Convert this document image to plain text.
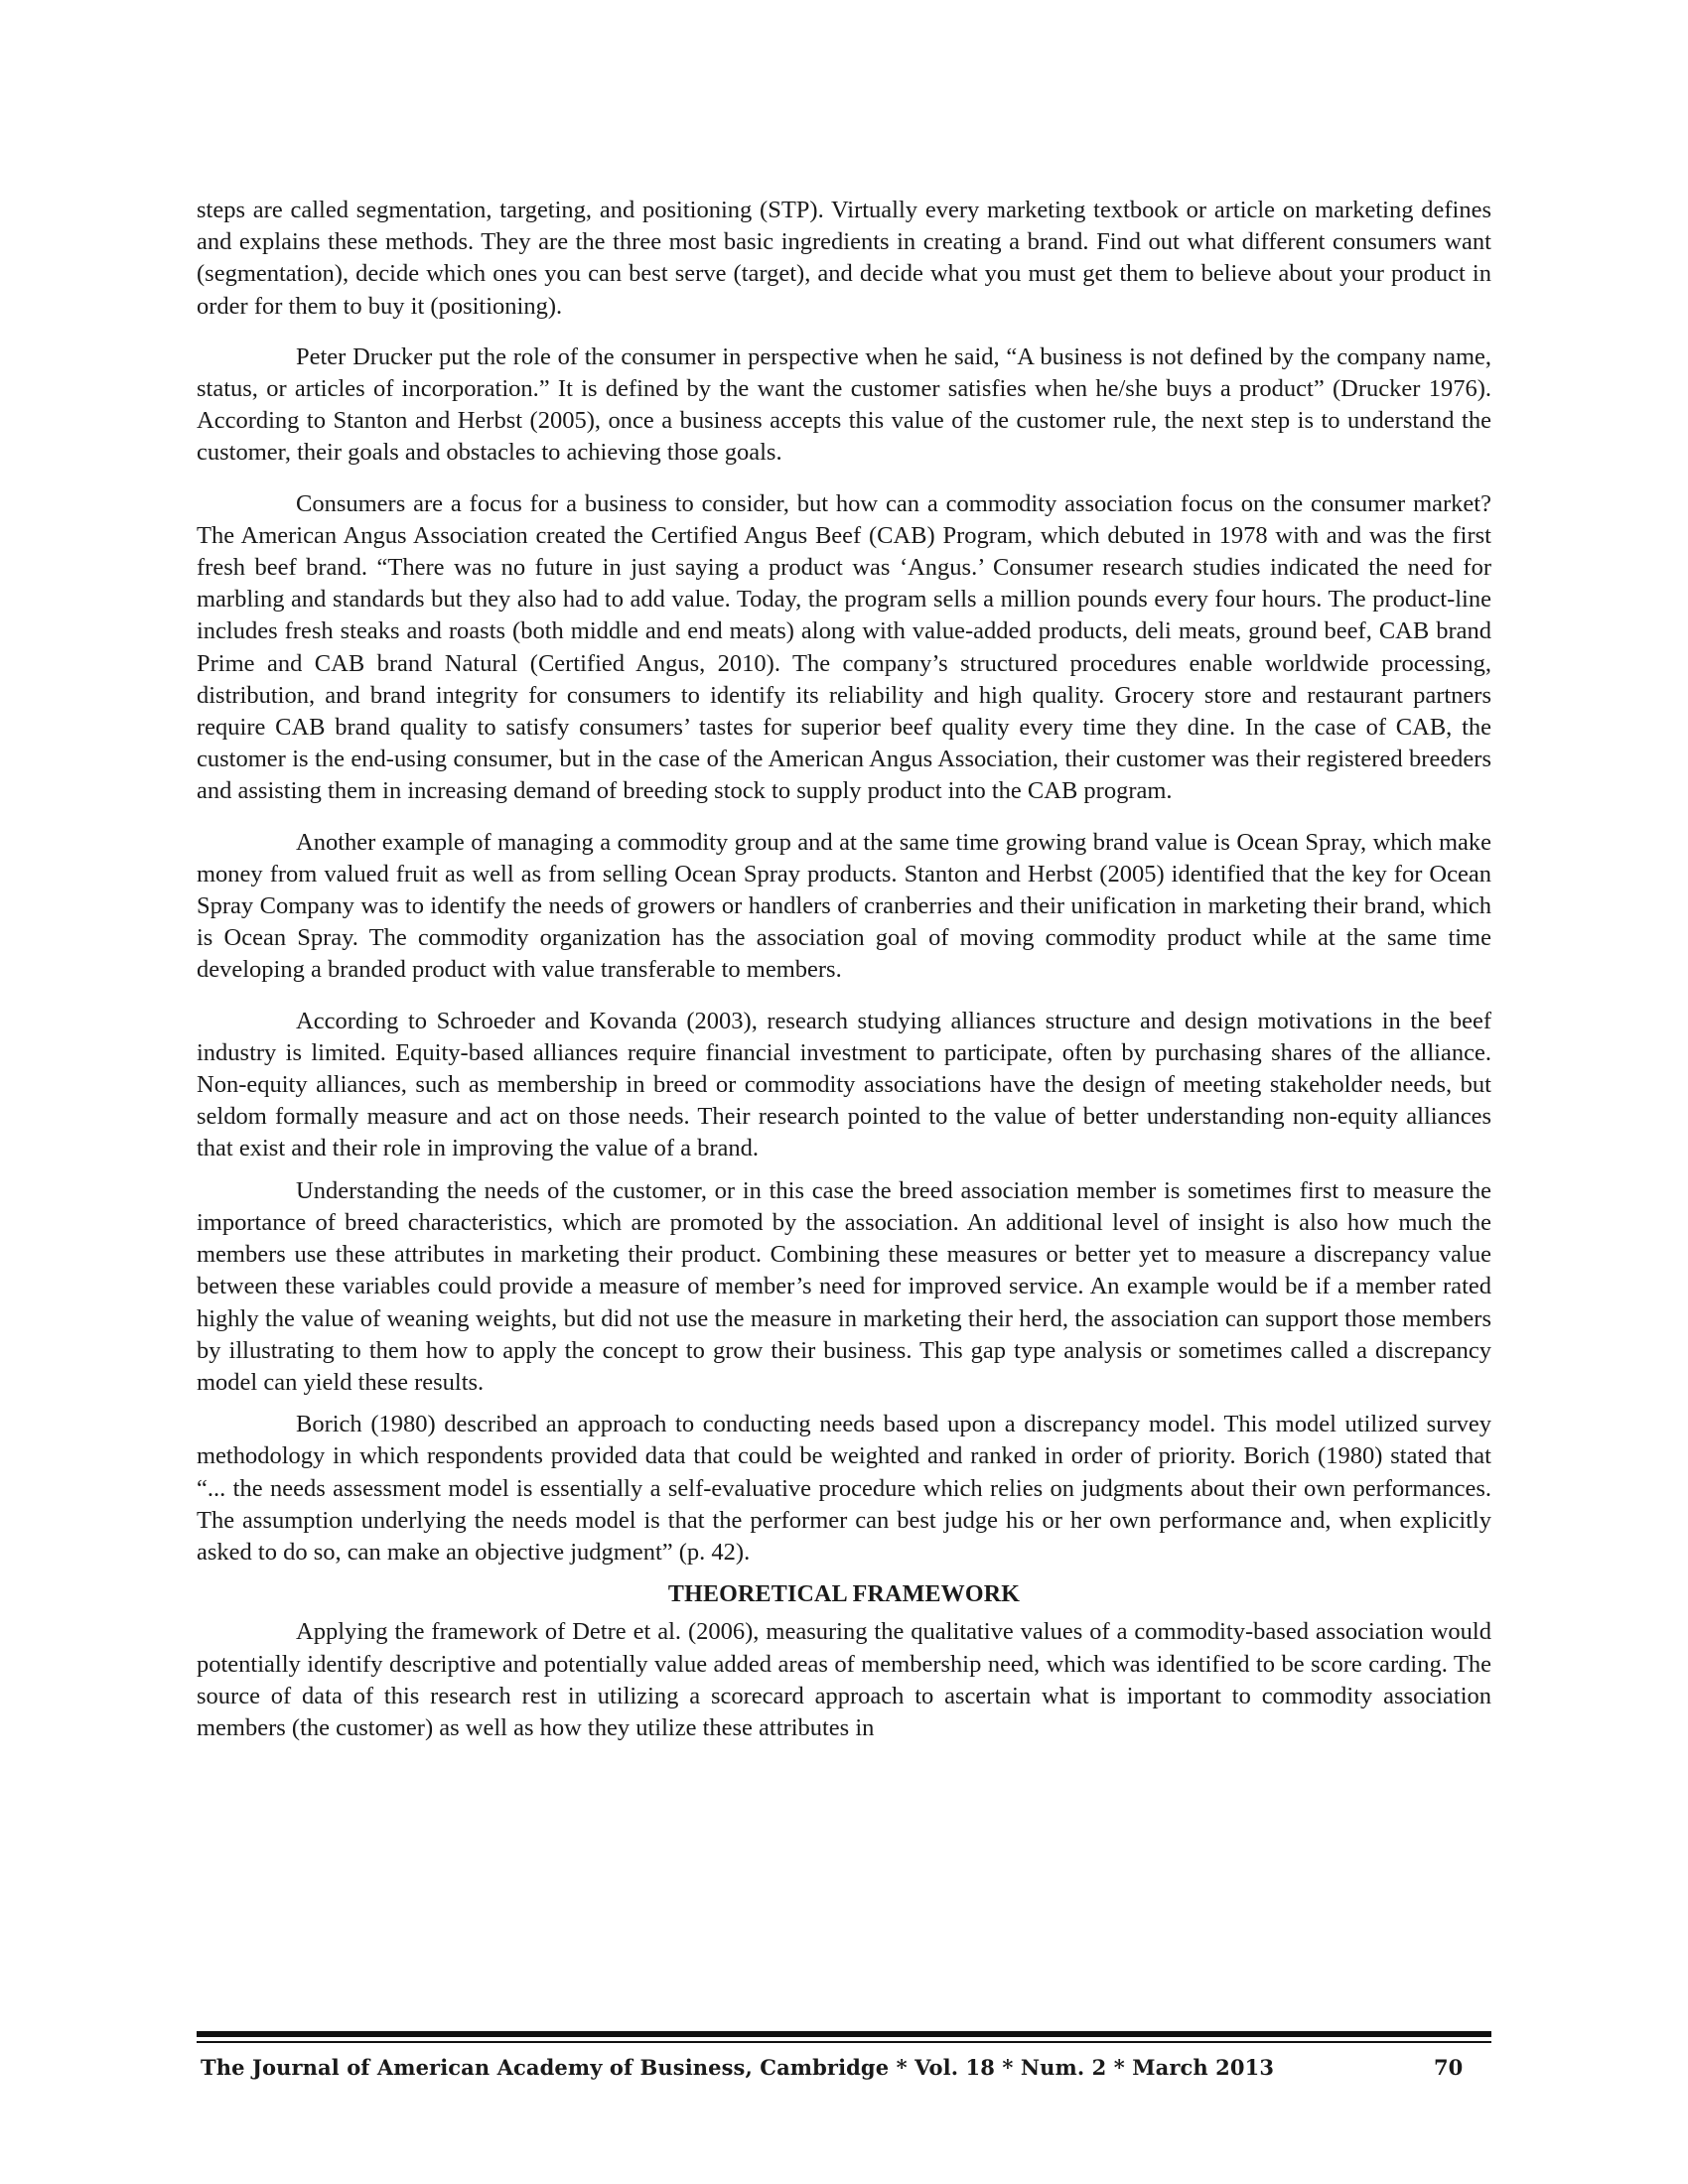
steps are called segmentation, targeting, and positioning (STP). Virtually every marketing textbook or article on marketing defines and explains these methods. They are the three most basic ingredients in creating a brand. Find out what different consumers want (segmentation), decide which ones you can best serve (target), and decide what you must get them to believe about your product in order for them to buy it (positioning).

Peter Drucker put the role of the consumer in perspective when he said, “A business is not defined by the company name, status, or articles of incorporation.” It is defined by the want the customer satisfies when he/she buys a product” (Drucker 1976). According to Stanton and Herbst (2005), once a business accepts this value of the customer rule, the next step is to understand the customer, their goals and obstacles to achieving those goals.

Consumers are a focus for a business to consider, but how can a commodity association focus on the consumer market? The American Angus Association created the Certified Angus Beef (CAB) Program, which debuted in 1978 with and was the first fresh beef brand. “There was no future in just saying a product was ‘Angus.’ Consumer research studies indicated the need for marbling and standards but they also had to add value. Today, the program sells a million pounds every four hours. The product-line includes fresh steaks and roasts (both middle and end meats) along with value-added products, deli meats, ground beef, CAB brand Prime and CAB brand Natural (Certified Angus, 2010). The company’s structured procedures enable worldwide processing, distribution, and brand integrity for consumers to identify its reliability and high quality. Grocery store and restaurant partners require CAB brand quality to satisfy consumers’ tastes for superior beef quality every time they dine. In the case of CAB, the customer is the end-using consumer, but in the case of the American Angus Association, their customer was their registered breeders and assisting them in increasing demand of breeding stock to supply product into the CAB program.

Another example of managing a commodity group and at the same time growing brand value is Ocean Spray, which make money from valued fruit as well as from selling Ocean Spray products. Stanton and Herbst (2005) identified that the key for Ocean Spray Company was to identify the needs of growers or handlers of cranberries and their unification in marketing their brand, which is Ocean Spray. The commodity organization has the association goal of moving commodity product while at the same time developing a branded product with value transferable to members.

According to Schroeder and Kovanda (2003), research studying alliances structure and design motivations in the beef industry is limited. Equity-based alliances require financial investment to participate, often by purchasing shares of the alliance. Non-equity alliances, such as membership in breed or commodity associations have the design of meeting stakeholder needs, but seldom formally measure and act on those needs. Their research pointed to the value of better understanding non-equity alliances that exist and their role in improving the value of a brand.

Understanding the needs of the customer, or in this case the breed association member is sometimes first to measure the importance of breed characteristics, which are promoted by the association. An additional level of insight is also how much the members use these attributes in marketing their product. Combining these measures or better yet to measure a discrepancy value between these variables could provide a measure of member’s need for improved service. An example would be if a member rated highly the value of weaning weights, but did not use the measure in marketing their herd, the association can support those members by illustrating to them how to apply the concept to grow their business. This gap type analysis or sometimes called a discrepancy model can yield these results.

Borich (1980) described an approach to conducting needs based upon a discrepancy model. This model utilized survey methodology in which respondents provided data that could be weighted and ranked in order of priority. Borich (1980) stated that “... the needs assessment model is essentially a self-evaluative procedure which relies on judgments about their own performances. The assumption underlying the needs model is that the performer can best judge his or her own performance and, when explicitly asked to do so, can make an objective judgment” (p. 42).

THEORETICAL FRAMEWORK

Applying the framework of Detre et al. (2006), measuring the qualitative values of a commodity-based association would potentially identify descriptive and potentially value added areas of membership need, which was identified to be score carding. The source of data of this research rest in utilizing a scorecard approach to ascertain what is important to commodity association members (the customer) as well as how they utilize these attributes in

The Journal of American Academy of Business, Cambridge * Vol. 18 * Num. 2 * March 2013	70
